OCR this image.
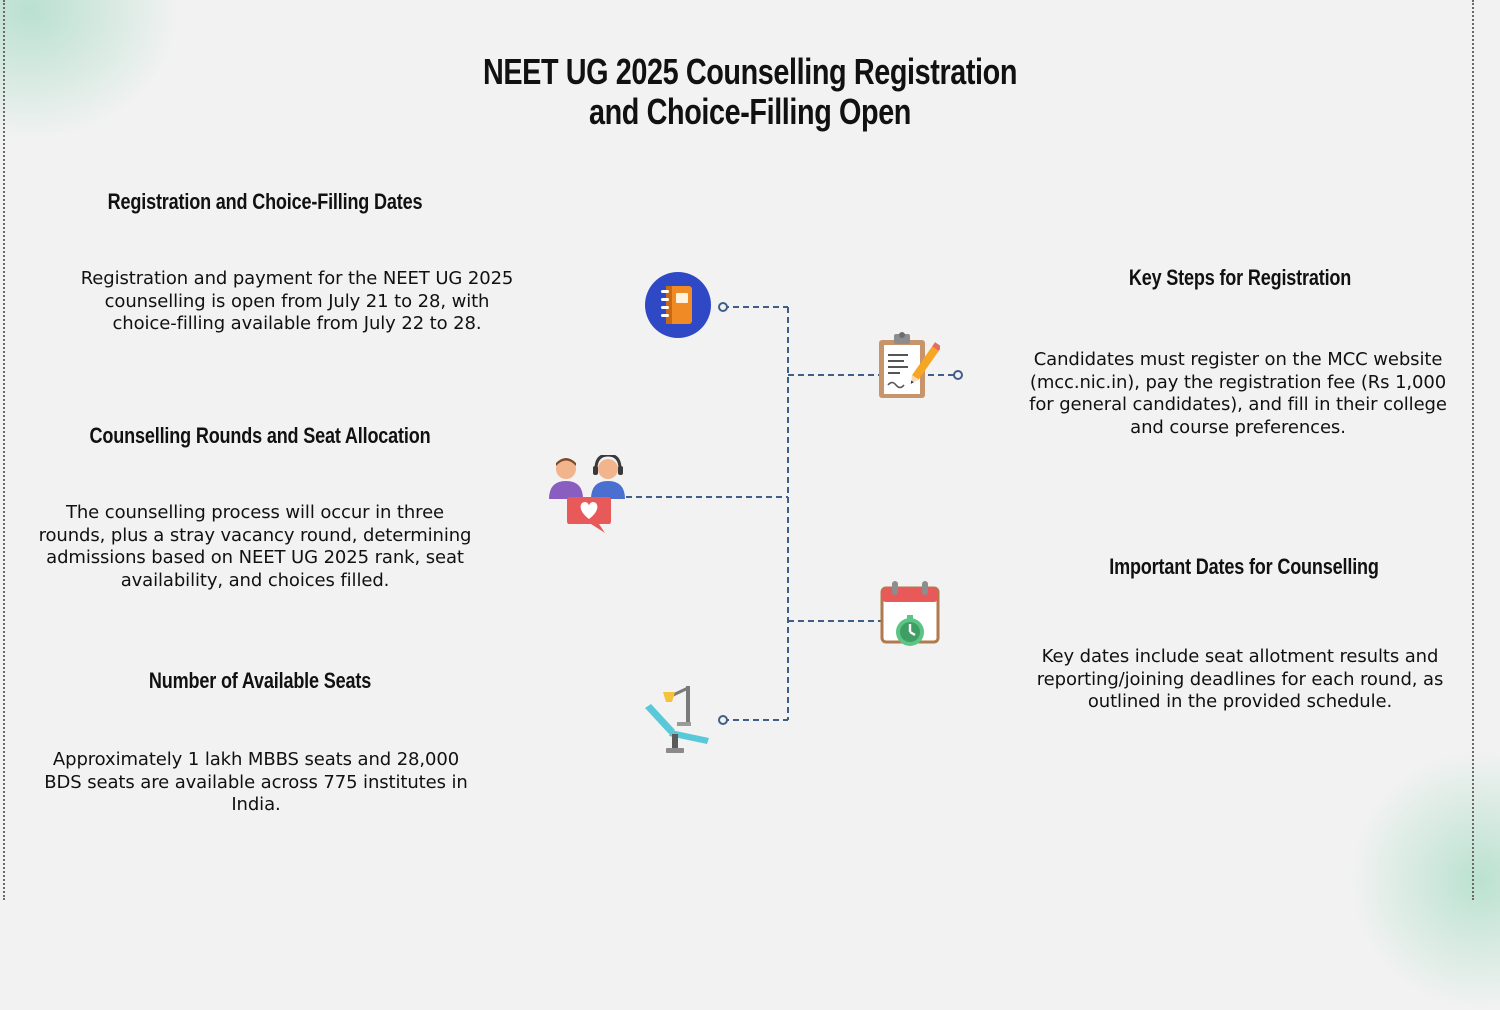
NEET UG 2025 Counselling Registration and Choice-Filling Open
Registration and Choice-Filling Dates

Registration and payment for the NEET UG 2025 counselling is open from July 21 to 28, with choice-filling available from July 22 to 28.

Key Steps for Registration

Candidates must register on the MCC website (mcc.nic.in), pay the registration fee (Rs 1,000 for general candidates), and fill in their college and course preferences.

Counselling Rounds and Seat Allocation

The counselling process will occur in three rounds, plus a stray vacancy round, determining admissions based on NEET UG 2025 rank, seat availability, and choices filled.

Important Dates for Counselling

Key dates include seat allotment results and reporting/joining deadlines for each round, as outlined in the provided schedule.

Number of Available Seats

Approximately 1 lakh MBBS seats and 28,000 BDS seats are available across 775 institutes in India.
